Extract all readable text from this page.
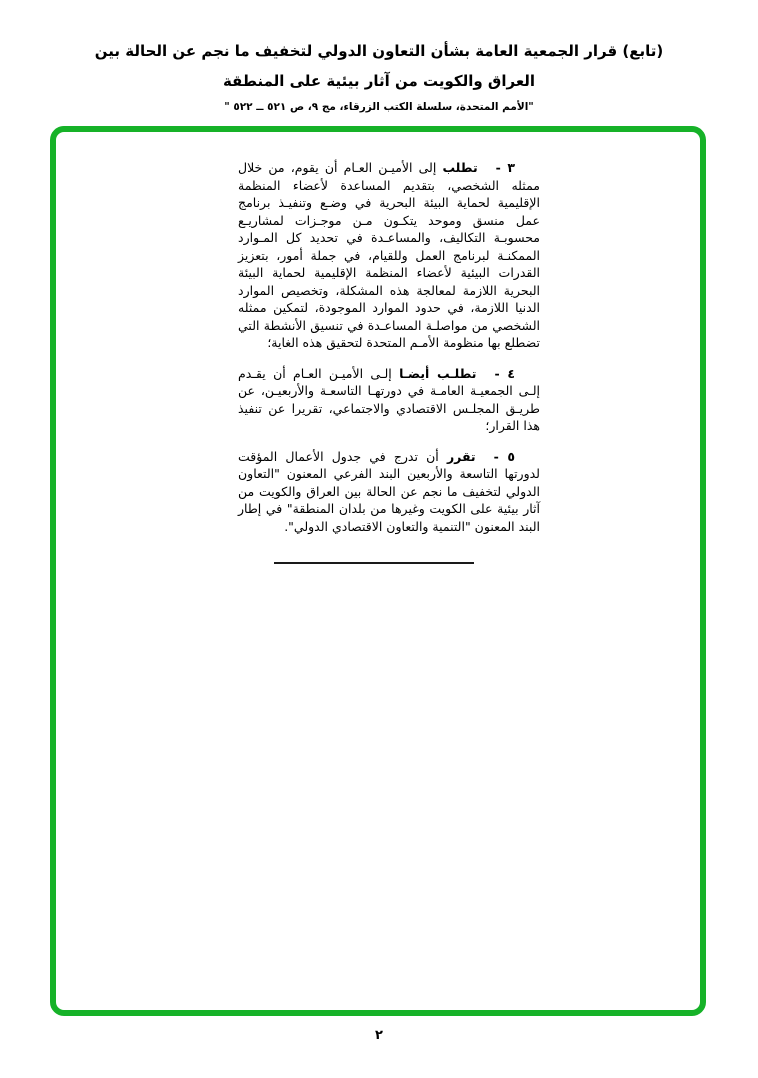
(تابع) قرار الجمعية العامة بشأن التعاون الدولي لتخفيف ما نجم عن الحالة بين
العراق والكويت من آثار بيئية على المنطقة
"الأمم المتحدة، سلسلة الكتب الزرقاء، مج ٩، ص ٥٢١ ــ ٥٢٢ "

٣ -تطلب إلى الأميـن العـام أن يقوم، من خلال ممثله الشخصي، بتقديم المساعدة لأعضاء المنظمة الإقليمية لحماية البيئة البحرية في وضـع وتنفيـذ برنامج عمل منسق وموحد يتكـون مـن موجـزات لمشاريـع محسوبـة التكاليف، والمساعـدة في تحديد كل المـوارد الممكنـة لبرنامج العمل وللقيام، في جملة أمور، بتعزيز القدرات البيئية لأعضاء المنظمة الإقليمية لحماية البيئة البحرية اللازمة لمعالجة هذه المشكلة، وتخصيص الموارد الدنيا اللازمة، في حدود الموارد الموجودة، لتمكين ممثله الشخصي من مواصلـة المساعـدة في تنسيق الأنشطة التي تضطلع بها منظومة الأمـم المتحدة لتحقيق هذه الغاية؛

٤ -تطلـب أيضـا إلـى الأميـن العـام أن يقـدم إلـى الجمعيـة العامـة في دورتهـا التاسعـة والأربعيـن، عن طريـق المجلـس الاقتصادي والاجتماعي، تقريرا عن تنفيذ هذا القرار؛

٥ -تقرر أن تدرج في جدول الأعمال المؤقت لدورتها التاسعة والأربعين البند الفرعي المعنون "التعاون الدولي لتخفيف ما نجم عن الحالة بين العراق والكويت من آثار بيئية على الكويت وغيرها من بلدان المنطقة" في إطار البند المعنون "التنمية والتعاون الاقتصادي الدولي".

٢
